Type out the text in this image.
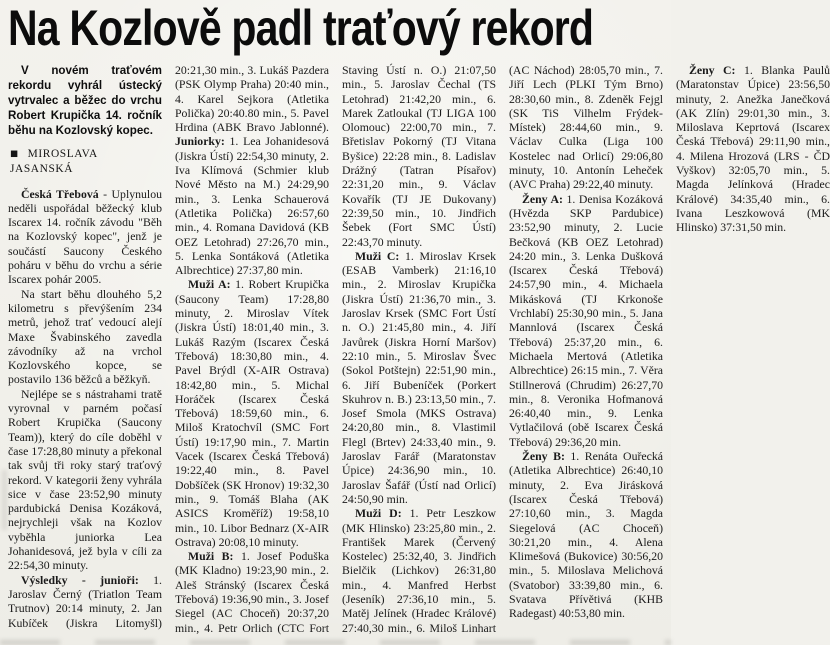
Na Kozlově padl traťový rekord

V novém traťovém rekordu vyhrál ústecký vytrvalec a běžec do vrchu Robert Krupička 14. ročník běhu na Kozlovský kopec.

■ MIROSLAVA JASANSKÁ

Česká Třebová - Uplynulou neděli uspořádal běžecký klub Iscarex 14. ročník závodu "Běh na Kozlovský kopec", jenž je součástí Saucony Českého poháru v běhu do vrchu a série Iscarex pohár 2005.

Na start běhu dlouhého 5,2 kilometru s převýšením 234 metrů, jehož trať vedoucí alejí Maxe Švabinského zavedla závodníky až na vrchol Kozlovského kopce, se postavilo 136 běžců a běžkyň.

Nejlépe se s nástrahami tratě vyrovnal v parném počasí Robert Krupička (Saucony Team)), který do cíle doběhl v čase 17:28,80 minuty a překonal tak svůj tři roky starý traťový rekord. V kategorii ženy vyhrála sice v čase 23:52,90 minuty pardubická Denisa Kozáková, nejrychleji však na Kozlov vyběhla juniorka Lea Johanidesová, jež byla v cíli za 22:54,30 minuty.

Výsledky - junioři: 1. Jaroslav Černý (Triatlon Team Trutnov) 20:14 minuty, 2. Jan Kubíček (Jiskra Litomyšl) 20:21,30 min., 3. Lukáš Pazdera (PSK Olymp Praha) 20:40 min., 4. Karel Sejkora (Atletika Polička) 20:40.80 min., 5. Pavel Hrdina (ABK Bravo Jablonné). Juniorky: 1. Lea Johanidesová (Jiskra Ústí) 22:54,30 minuty, 2. Iva Klímová (Schmier klub Nové Město na M.) 24:29,90 min., 3. Lenka Schauerová (Atletika Polička) 26:57,60 min., 4. Romana Davidová (KB OEZ Letohrad) 27:26,70 min., 5. Lenka Sontáková (Atletika Albrechtice) 27:37,80 min.

Muži A: 1. Robert Krupička (Saucony Team) 17:28,80 minuty, 2. Miroslav Vítek (Jiskra Ústí) 18:01,40 min., 3. Lukáš Razým (Iscarex Česká Třebová) 18:30,80 min., 4. Pavel Brýdl (X-AIR Ostrava) 18:42,80 min., 5. Michal Horáček (Iscarex Česká Třebová) 18:59,60 min., 6. Miloš Kratochvíl (SMC Fort Ústí) 19:17,90 min., 7. Martin Vacek (Iscarex Česká Třebová) 19:22,40 min., 8. Pavel Dobšíček (SK Hronov) 19:32,30 min., 9. Tomáš Blaha (AK ASICS Kroměříž) 19:58,10 min., 10. Libor Bednarz (X-AIR Ostrava) 20:08,10 minuty.

Muži B: 1. Josef Poduška (MK Kladno) 19:23,90 min., 2. Aleš Stránský (Iscarex Česká Třebová) 19:36,90 min., 3. Josef Siegel (AC Choceň) 20:37,20 min., 4. Petr Orlich (CTC Fort Staving Ústí n. O.) 21:07,50 min., 5. Jaroslav Čechal (TS Letohrad) 21:42,20 min., 6. Marek Zatloukal (TJ LIGA 100 Olomouc) 22:00,70 min., 7. Břetislav Pokorný (TJ Vitana Byšice) 22:28 min., 8. Ladislav Drážný (Tatran Písařov) 22:31,20 min., 9. Václav Kovařík (TJ JE Dukovany) 22:39,50 min., 10. Jindřich Šebek (Fort SMC Ústí) 22:43,70 minuty.

Muži C: 1. Miroslav Krsek (ESAB Vamberk) 21:16,10 min., 2. Miroslav Krupička (Jiskra Ústí) 21:36,70 min., 3. Jaroslav Krsek (SMC Fort Ústí n. O.) 21:45,80 min., 4. Jiří Javůrek (Jiskra Horní Maršov) 22:10 min., 5. Miroslav Švec (Sokol Potštejn) 22:51,90 min., 6. Jiří Bubeníček (Porkert Skuhrov n. B.) 23:13,50 min., 7. Josef Smola (MKS Ostrava) 24:20,80 min., 8. Vlastimil Flegl (Brtev) 24:33,40 min., 9. Jaroslav Farář (Maratonstav Úpice) 24:36,90 min., 10. Jaroslav Šafář (Ústí nad Orlicí) 24:50,90 min.

Muži D: 1. Petr Leszkow (MK Hlinsko) 23:25,80 min., 2. František Marek (Červený Kostelec) 25:32,40, 3. Jindřich Bielčik (Lichkov) 26:31,80 min., 4. Manfred Herbst (Jeseník) 27:36,10 min., 5. Matěj Jelínek (Hradec Králové) 27:40,30 min., 6. Miloš Linhart (AC Náchod) 28:05,70 min., 7. Jiří Lech (PLKI Tým Brno) 28:30,60 min., 8. Zdeněk Fejgl (SK TiS Vilhelm Frýdek-Místek) 28:44,60 min., 9. Václav Culka (Liga 100 Kostelec nad Orlicí) 29:06,80 minuty, 10. Antonín Leheček (AVC Praha) 29:22,40 minuty.

Ženy A: 1. Denisa Kozáková (Hvězda SKP Pardubice) 23:52,90 minuty, 2. Lucie Bečková (KB OEZ Letohrad) 24:20 min., 3. Lenka Dušková (Iscarex Česká Třebová) 24:57,90 min., 4. Michaela Mikásková (TJ Krkonoše Vrchlabí) 25:30,90 min., 5. Jana Mannlová (Iscarex Česká Třebová) 25:37,20 min., 6. Michaela Mertová (Atletika Albrechtice) 26:15 min., 7. Věra Stillnerová (Chrudim) 26:27,70 min., 8. Veronika Hofmanová 26:40,40 min., 9. Lenka Vytlačilová (obě Iscarex Česká Třebová) 29:36,20 min.

Ženy B: 1. Renáta Ouřecká (Atletika Albrechtice) 26:40,10 minuty, 2. Eva Jirásková (Iscarex Česká Třebová) 27:10,60 min., 3. Magda Siegelová (AC Choceň) 30:21,20 min., 4. Alena Klimešová (Bukovice) 30:56,20 min., 5. Miloslava Melichová (Svatobor) 33:39,80 min., 6. Svatava Přívětivá (KHB Radegast) 40:53,80 min.

Ženy C: 1. Blanka Paulů (Maratonstav Úpice) 23:56,50 minuty, 2. Anežka Janečková (AK Zlín) 29:01,30 min., 3. Miloslava Keprtová (Iscarex Česká Třebová) 29:11,90 min., 4. Milena Hrozová (LRS - ČD Vyškov) 32:05,70 min., 5. Magda Jelínková (Hradec Králové) 34:35,40 min., 6. Ivana Leszkowová (MK Hlinsko) 37:31,50 min.
